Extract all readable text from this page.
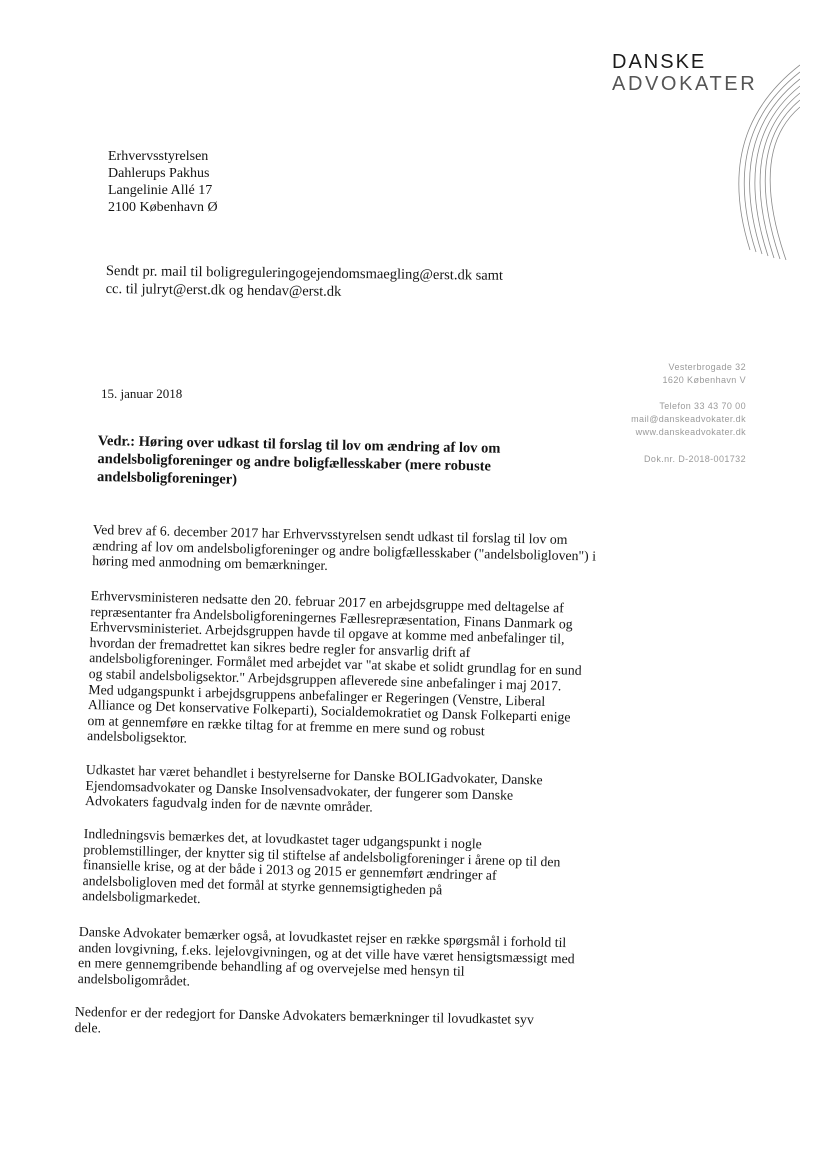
DANSKE
ADVOKATER
Erhvervsstyrelsen
Dahlerups Pakhus
Langelinie Allé 17
2100 København Ø
Sendt pr. mail til boligreguleringogejendomsmaegling@erst.dk samt
cc. til julryt@erst.dk og hendav@erst.dk
15. januar 2018
Vesterbrogade 32
1620 København V
Telefon 33 43 70 00
mail@danskeadvokater.dk
www.danskeadvokater.dk
Dok.nr. D-2018-001732
Vedr.: Høring over udkast til forslag til lov om ændring af lov om andelsboligforeninger og andre boligfællesskaber (mere robuste andelsboligforeninger)
Ved brev af 6. december 2017 har Erhvervsstyrelsen sendt udkast til forslag til lov om ændring af lov om andelsboligforeninger og andre boligfællesskaber ("andelsboligloven") i høring med anmodning om bemærkninger.
Erhvervsministeren nedsatte den 20. februar 2017 en arbejdsgruppe med deltagelse af repræsentanter fra Andelsboligforeningernes Fællesrepræsentation, Finans Danmark og Erhvervsministeriet. Arbejdsgruppen havde til opgave at komme med anbefalinger til, hvordan der fremadrettet kan sikres bedre regler for ansvarlig drift af andelsboligforeninger. Formålet med arbejdet var "at skabe et solidt grundlag for en sund og stabil andelsboligsektor." Arbejdsgruppen afleverede sine anbefalinger i maj 2017. Med udgangspunkt i arbejdsgruppens anbefalinger er Regeringen (Venstre, Liberal Alliance og Det konservative Folkeparti), Socialdemokratiet og Dansk Folkeparti enige om at gennemføre en række tiltag for at fremme en mere sund og robust andelsboligsektor.
Udkastet har været behandlet i bestyrelserne for Danske BOLIGadvokater, Danske Ejendomsadvokater og Danske Insolvensadvokater, der fungerer som Danske Advokaters fagudvalg inden for de nævnte områder.
Indledningsvis bemærkes det, at lovudkastet tager udgangspunkt i nogle problemstillinger, der knytter sig til stiftelse af andelsboligforeninger i årene op til den finansielle krise, og at der både i 2013 og 2015 er gennemført ændringer af andelsboligloven med det formål at styrke gennemsigtigheden på andelsboligmarkedet.
Danske Advokater bemærker også, at lovudkastet rejser en række spørgsmål i forhold til anden lovgivning, f.eks. lejelovgivningen, og at det ville have været hensigtsmæssigt med en mere gennemgribende behandling af og overvejelse med hensyn til andelsboligområdet.
Nedenfor er der redegjort for Danske Advokaters bemærkninger til lovudkastet syv dele.
